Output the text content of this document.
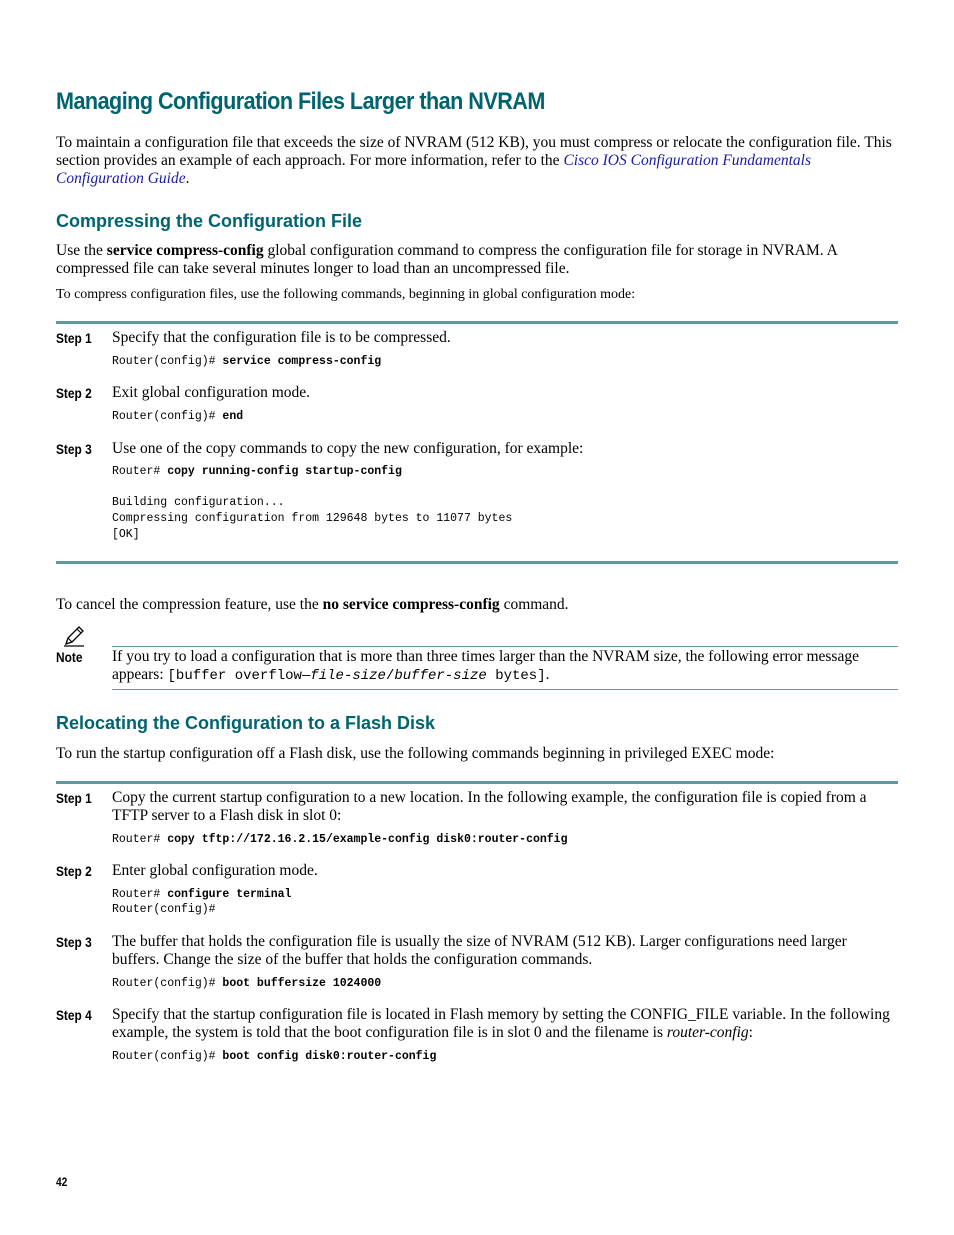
Managing Configuration Files Larger than NVRAM
To maintain a configuration file that exceeds the size of NVRAM (512 KB), you must compress or relocate the configuration file. This section provides an example of each approach. For more information, refer to the Cisco IOS Configuration Fundamentals Configuration Guide.
Compressing the Configuration File
Use the service compress-config global configuration command to compress the configuration file for storage in NVRAM. A compressed file can take several minutes longer to load than an uncompressed file.
To compress configuration files, use the following commands, beginning in global configuration mode:
Step 1 Specify that the configuration file is to be compressed.
Router(config)# service compress-config
Step 2 Exit global configuration mode.
Router(config)# end
Step 3 Use one of the copy commands to copy the new configuration, for example:
Router# copy running-config startup-config
Building configuration...
Compressing configuration from 129648 bytes to 11077 bytes
[OK]
To cancel the compression feature, use the no service compress-config command.
Note If you try to load a configuration that is more than three times larger than the NVRAM size, the following error message appears: [buffer overflow—file-size/buffer-size bytes].
Relocating the Configuration to a Flash Disk
To run the startup configuration off a Flash disk, use the following commands beginning in privileged EXEC mode:
Step 1 Copy the current startup configuration to a new location. In the following example, the configuration file is copied from a TFTP server to a Flash disk in slot 0:
Router# copy tftp://172.16.2.15/example-config disk0:router-config
Step 2 Enter global configuration mode.
Router# configure terminal
Router(config)#
Step 3 The buffer that holds the configuration file is usually the size of NVRAM (512 KB). Larger configurations need larger buffers. Change the size of the buffer that holds the configuration commands.
Router(config)# boot buffersize 1024000
Step 4 Specify that the startup configuration file is located in Flash memory by setting the CONFIG_FILE variable. In the following example, the system is told that the boot configuration file is in slot 0 and the filename is router-config:
Router(config)# boot config disk0:router-config
42
